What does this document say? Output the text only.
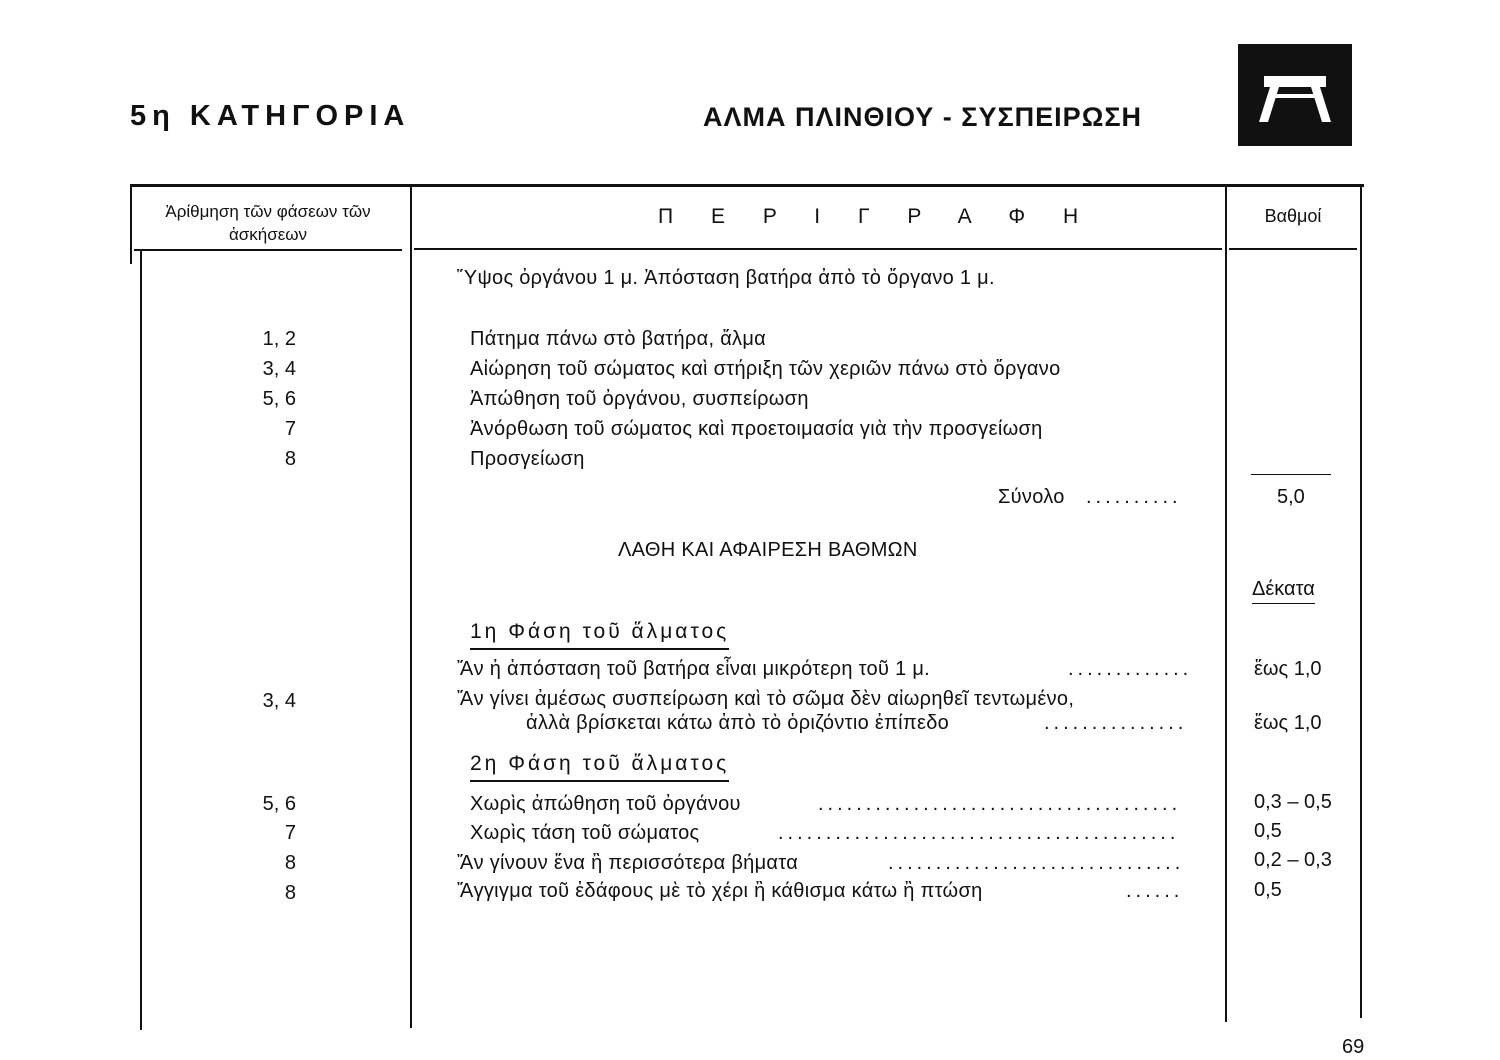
5η ΚΑΤΗΓΟΡΙΑ	ΑΛΜΑ ΠΛΙΝΘΙΟΥ - ΣΥΣΠΕΙΡΩΣΗ
Ἀρίθμηση τῶν φάσεων τῶν ἀσκήσεων
Π Ε Ρ Ι Γ Ρ Α Φ Η	Βαθμοί
Ὕψος ὀργάνου 1 μ. Ἀπόσταση βατήρα ἀπὸ τὸ ὄργανο 1 μ.
1, 2	Πάτημα πάνω στὸ βατήρα, ἄλμα
3, 4	Αἰώρηση τοῦ σώματος καὶ στήριξη τῶν χεριῶν πάνω στὸ ὄργανο
5, 6	Ἀπώθηση τοῦ ὀργάνου, συσπείρωση
7	Ἀνόρθωση τοῦ σώματος καὶ προετοιμασία γιὰ τὴν προσγείωση
8	Προσγείωση
Σύνολο ..........	5,0
ΛΑΘΗ ΚΑΙ ΑΦΑΙΡΕΣΗ ΒΑΘΜΩΝ
Δέκατα
1η Φάση τοῦ ἅλματος
Ἄν ἡ ἀπόσταση τοῦ βατήρα εἶναι μικρότερη τοῦ 1 μ.	.............	ἕως 1,0
3, 4	Ἄν γίνει ἀμέσως συσπείρωση καὶ τὸ σῶμα δὲν αἰωρηθεῖ τεντωμένο,
ἀλλὰ βρίσκεται κάτω ἀπὸ τὸ ὁριζόντιο ἐπίπεδο	...............	ἕως 1,0
2η Φάση τοῦ ἅλματος
5, 6	Χωρὶς ἀπώθηση τοῦ ὀργάνου	......................................	0,3 – 0,5
7	Χωρὶς τάση τοῦ σώματος	..........................................	0,5
8	Ἄν γίνουν ἕνα ἢ περισσότερα βήματα	...............................	0,2 – 0,3
8	Ἄγγιγμα τοῦ ἐδάφους μὲ τὸ χέρι ἢ κάθισμα κάτω ἢ πτώση	......	0,5
69
